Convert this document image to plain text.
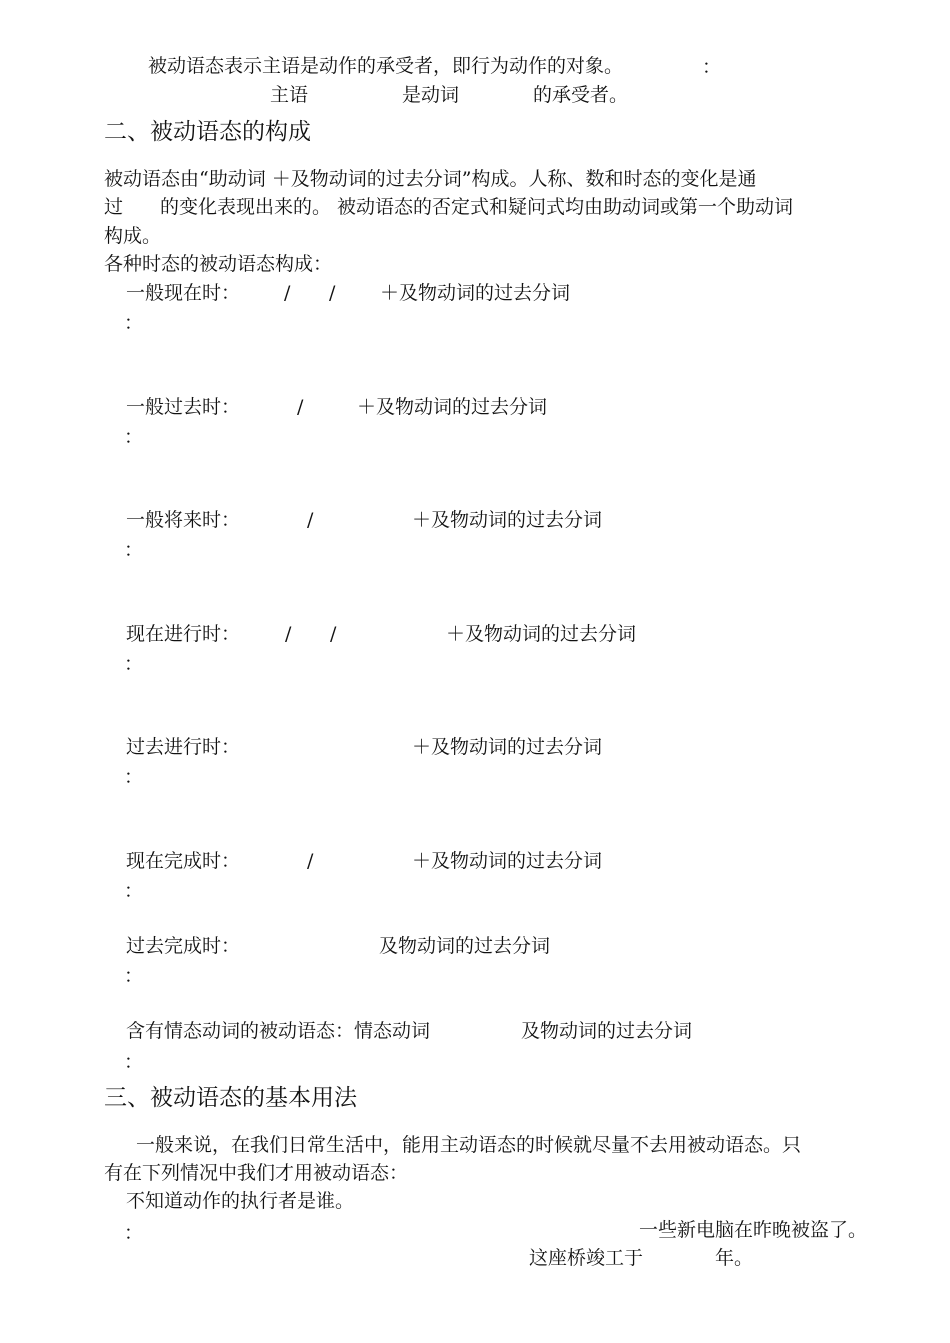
被动语态表示主语是动作的承受者，即行为动作的对象。	：
主语	是动词	的承受者。
二、被动语态的构成
被动语态由“助动词 ＋及物动词的过去分词”构成。人称、数和时态的变化是通
过 的变化表现出来的。 被动语态的否定式和疑问式均由助动词或第一个助动词
构成。
各种时态的被动语态构成：
一般现在时： / / ＋及物动词的过去分词
：
一般过去时：	/	＋及物动词的过去分词
：
一般将来时：	/	＋及物动词的过去分词
：
现在进行时： / /	＋及物动词的过去分词
：
过去进行时：	＋及物动词的过去分词
：
现在完成时：	/	＋及物动词的过去分词
：
过去完成时：	及物动词的过去分词
：
含有情态动词的被动语态：情态动词	及物动词的过去分词
：
三、被动语态的基本用法
一般来说，在我们日常生活中，能用主动语态的时候就尽量不去用被动语态。只
有在下列情况中我们才用被动语态：
不知道动作的执行者是谁。
：	一些新电脑在昨晚被盗了。
这座桥竣工于	年。
